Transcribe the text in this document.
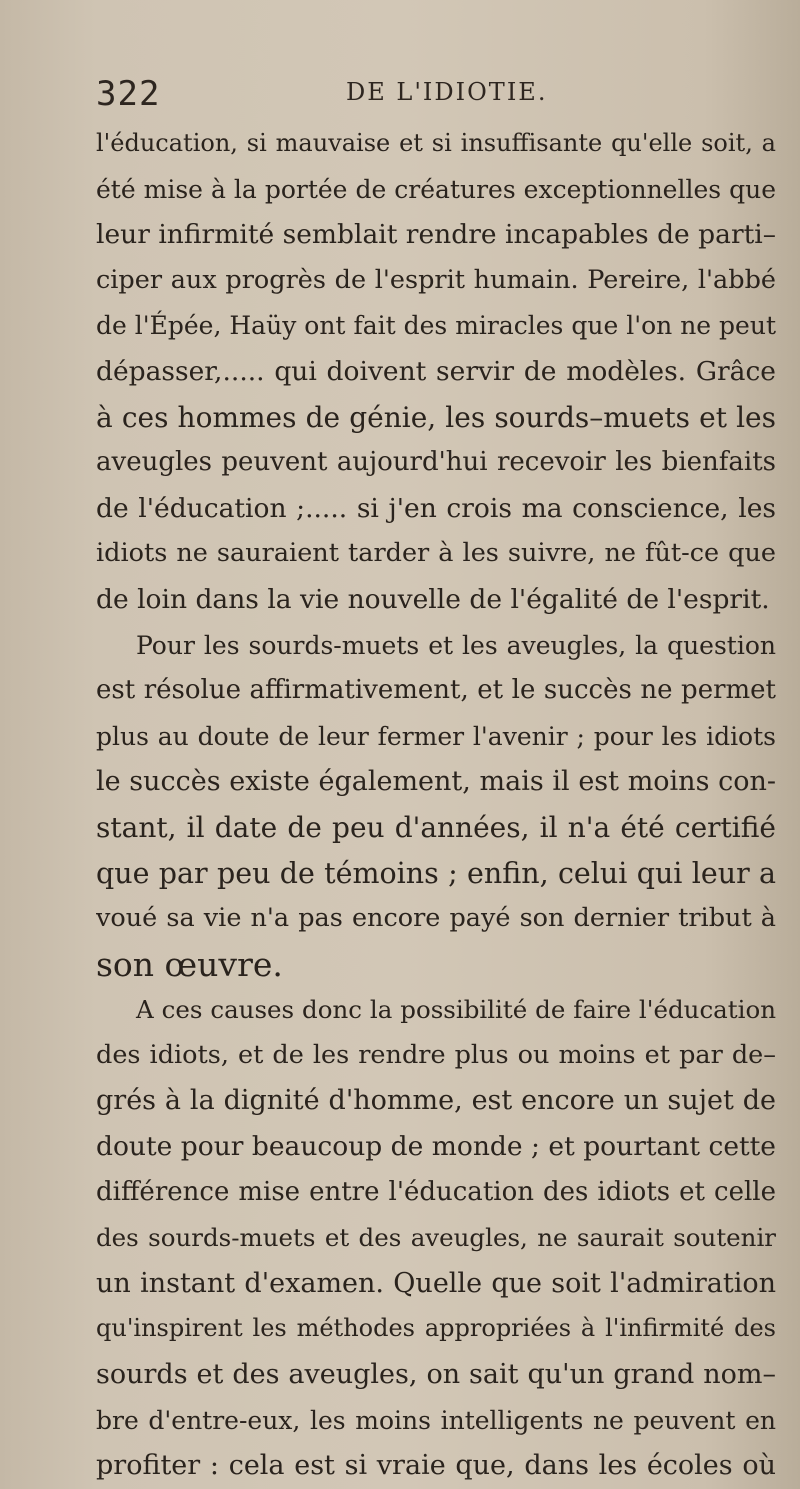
322	DE L'IDIOTIE.
l'éducation, si mauvaise et si insuffisante qu'elle soit, a
été mise à la portée de créatures exceptionnelles que
leur infirmité semblait rendre incapables de parti–
ciper aux progrès de l'esprit humain. Pereire, l'abbé
de l'Épée, Haüy ont fait des miracles que l'on ne peut
dépasser,..... qui doivent servir de modèles. Grâce
à ces hommes de génie, les sourds–muets et les
aveugles peuvent aujourd'hui recevoir les bienfaits
de l'éducation ;..... si j'en crois ma conscience, les
idiots ne sauraient tarder à les suivre, ne fût-ce que
de loin dans la vie nouvelle de l'égalité de l'esprit.
Pour les sourds-muets et les aveugles, la question
est résolue affirmativement, et le succès ne permet
plus au doute de leur fermer l'avenir ; pour les idiots
le succès existe également, mais il est moins con-
stant, il date de peu d'années, il n'a été certifié
que par peu de témoins ; enfin, celui qui leur a
voué sa vie n'a pas encore payé son dernier tribut à
son œuvre.
A ces causes donc la possibilité de faire l'éducation
des idiots, et de les rendre plus ou moins et par de–
grés à la dignité d'homme, est encore un sujet de
doute pour beaucoup de monde ; et pourtant cette
différence mise entre l'éducation des idiots et celle
des sourds-muets et des aveugles, ne saurait soutenir
un instant d'examen. Quelle que soit l'admiration
qu'inspirent les méthodes appropriées à l'infirmité des
sourds et des aveugles, on sait qu'un grand nom–
bre d'entre-eux, les moins intelligents ne peuvent en
profiter : cela est si vraie que, dans les écoles où
